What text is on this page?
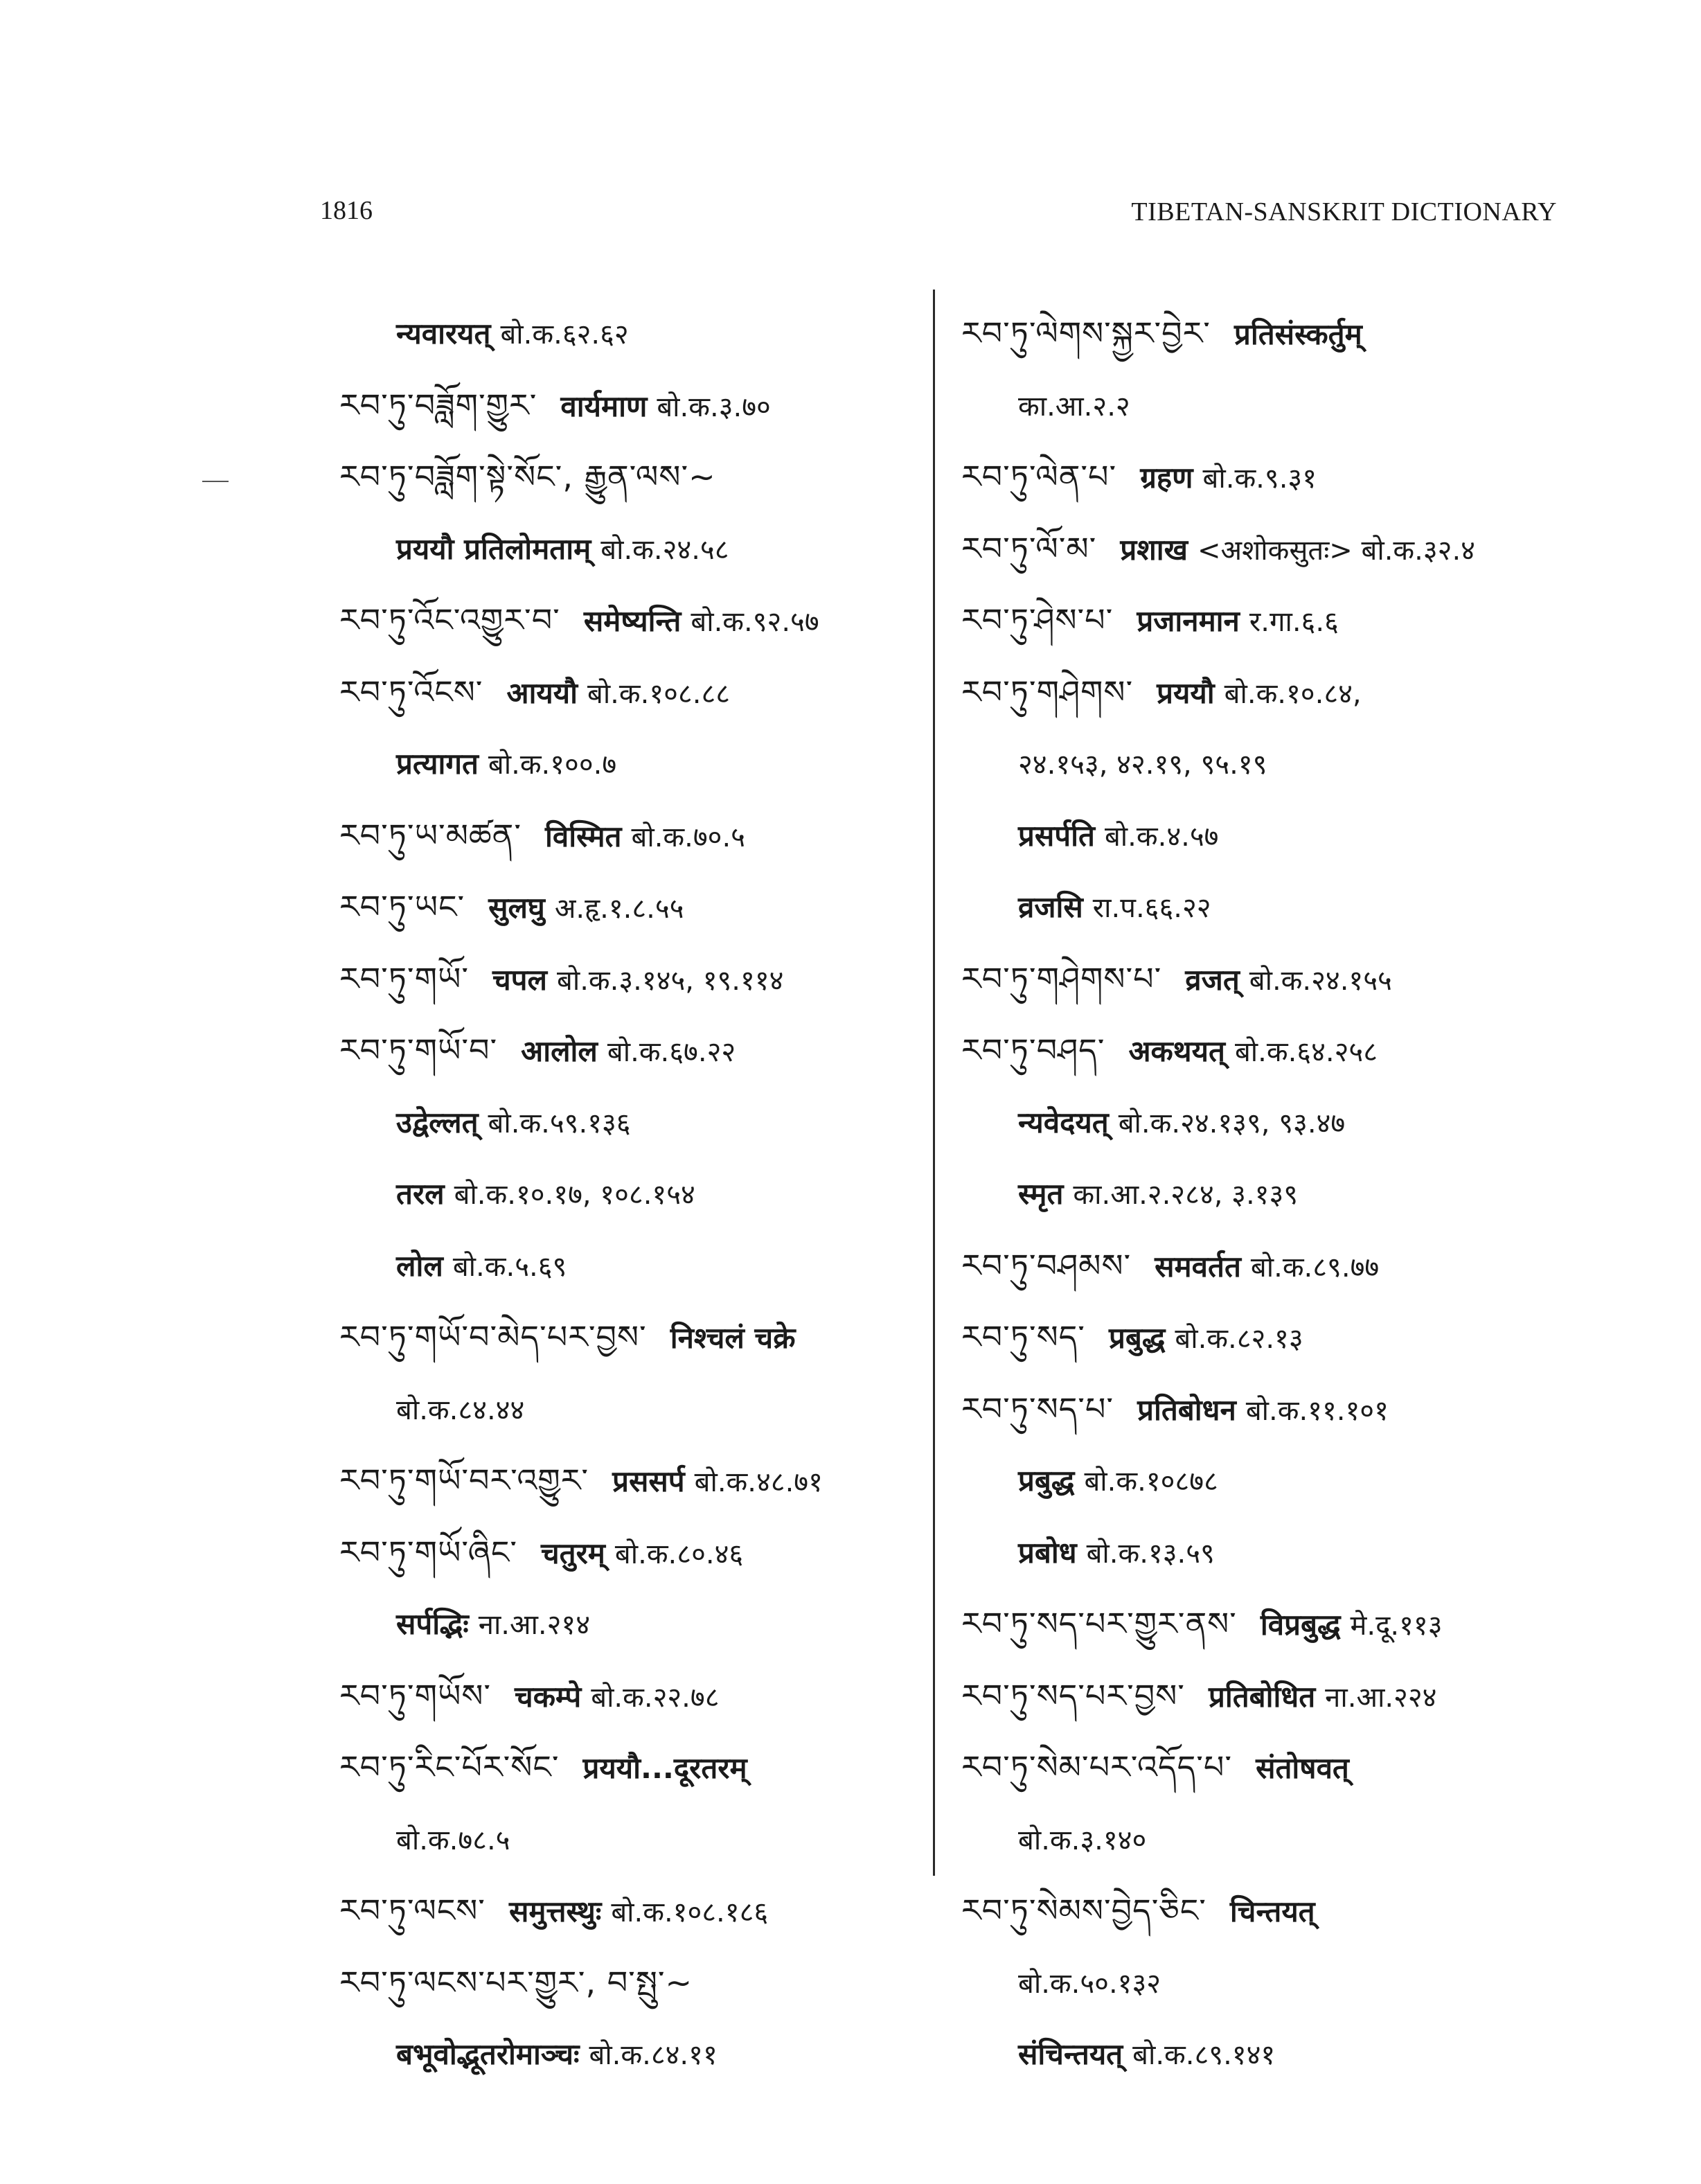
1816	TIBETAN-SANSKRIT DICTIONARY
न्यवारयत् बो.क.६२.६२
རབ་ཏུ་བཟློག་གྱུར་ वार्यमाण बो.क.३.७०
རབ་ཏུ་བཟློག་སྟེ་སོང་, རྒྱུན་ལས་~
प्रययौ प्रतिलोमताम् बो.क.२४.५८
རབ་ཏུ་འོང་འགྱུར་བ་ समेष्यन्ति बो.क.९२.५७
རབ་ཏུ་འོངས་ आययौ बो.क.१०८.८८
प्रत्यागत बो.क.१००.७
རབ་ཏུ་ཡ་མཚན་ विस्मित बो.क.७०.५
རབ་ཏུ་ཡང་ सुलघु अ.हृ.१.८.५५
རབ་ཏུ་གཡོ་ चपल बो.क.३.१४५, १९.११४
རབ་ཏུ་གཡོ་བ་ आलोल बो.क.६७.२२
उद्वेल्लत् बो.क.५९.१३६
तरल बो.क.१०.१७, १०८.१५४
लोल बो.क.५.६९
རབ་ཏུ་གཡོ་བ་མེད་པར་བྱས་ निश्चलं चक्रे
बो.क.८४.४४
རབ་ཏུ་གཡོ་བར་འགྱུར་ प्रससर्प बो.क.४८.७१
རབ་ཏུ་གཡོ་ཞིང་ चतुरम् बो.क.८०.४६
सर्पद्भिः ना.आ.२१४
རབ་ཏུ་གཡོས་ चकम्पे बो.क.२२.७८
རབ་ཏུ་རིང་པོར་སོང་ प्रययौ...दूरतरम्
बो.क.७८.५
རབ་ཏུ་ལངས་ समुत्तस्थुः बो.क.१०८.१८६
རབ་ཏུ་ལངས་པར་གྱུར་, བ་སྤུ་~
बभूवोद्भूतरोमाञ्चः बो.क.८४.११
རབ་ཏུ་ལེགས་སྐྱར་བྱེར་ प्रतिसंस्कर्तुम्
का.आ.२.२
རབ་ཏུ་ལེན་པ་ ग्रहण बो.क.९.३१
རབ་ཏུ་ལོ་མ་ प्रशाख <अशोकसुतः> बो.क.३२.४
རབ་ཏུ་ཤེས་པ་ प्रजानमान र.गा.६.६
རབ་ཏུ་གཤེགས་ प्रययौ बो.क.१०.८४,
२४.१५३, ४२.१९, ९५.१९
प्रसर्पति बो.क.४.५७
व्रजसि रा.प.६६.२२
རབ་ཏུ་གཤེགས་པ་ व्रजत् बो.क.२४.१५५
རབ་ཏུ་བཤད་ अकथयत् बो.क.६४.२५८
न्यवेदयत् बो.क.२४.१३९, ९३.४७
स्मृत का.आ.२.२८४, ३.१३९
རབ་ཏུ་བཤམས་ समवर्तत बो.क.८९.७७
རབ་ཏུ་སད་ प्रबुद्ध बो.क.८२.१३
རབ་ཏུ་སད་པ་ प्रतिबोधन बो.क.११.१०१
प्रबुद्ध बो.क.१०८७८
प्रबोध बो.क.१३.५९
རབ་ཏུ་སད་པར་གྱུར་ནས་ विप्रबुद्ध मे.दू.११३
རབ་ཏུ་སད་པར་བྱས་ प्रतिबोधित ना.आ.२२४
རབ་ཏུ་སེམ་པར་འདོད་པ་ संतोषवत्
बो.क.३.१४०
རབ་ཏུ་སེམས་བྱེད་ཅིང་ चिन्तयत्
बो.क.५०.१३२
संचिन्तयत् बो.क.८९.१४१
